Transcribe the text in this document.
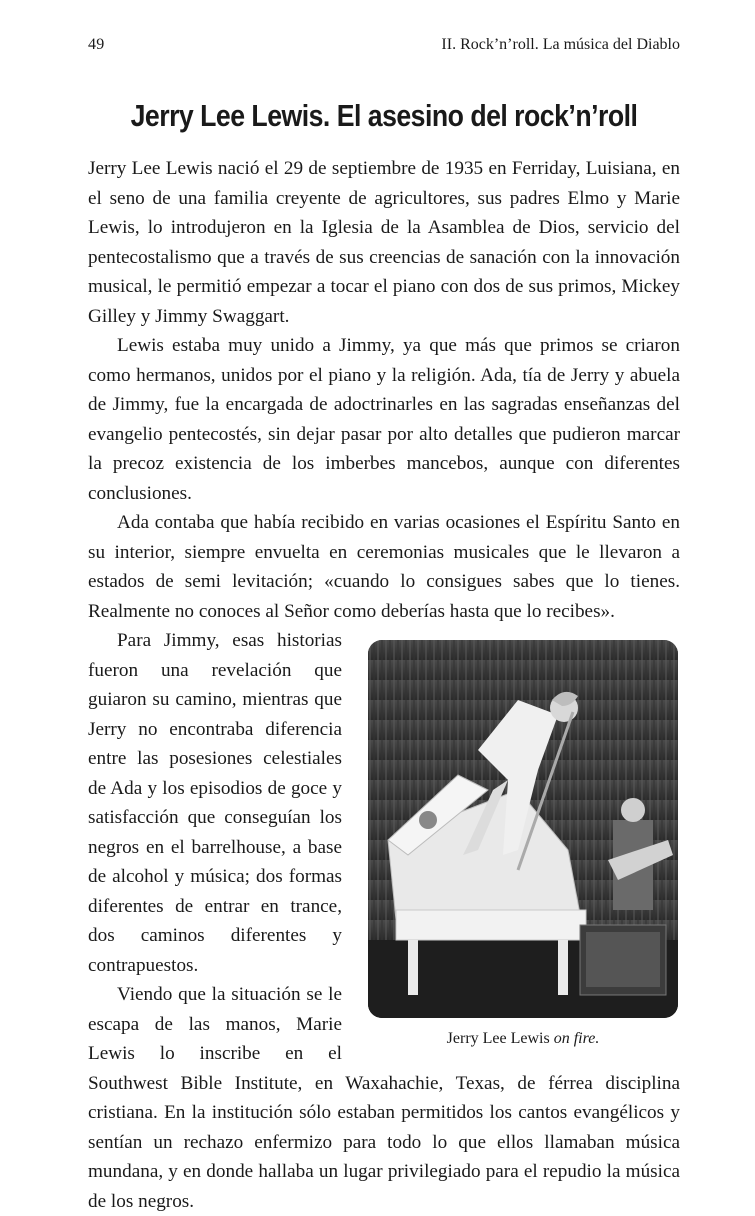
49	II. Rock’n’roll. La música del Diablo
Jerry Lee Lewis. El asesino del rock’n’roll

Jerry Lee Lewis nació el 29 de septiembre de 1935 en Ferriday, Luisiana, en el seno de una familia creyente de agricultores, sus padres Elmo y Marie Lewis, lo introdujeron en la Iglesia de la Asamblea de Dios, servicio del pentecostalismo que a través de sus creencias de sanación con la innovación musical, le permitió empezar a tocar el piano con dos de sus primos, Mickey Gilley y Jimmy Swaggart.

Lewis estaba muy unido a Jimmy, ya que más que primos se criaron como hermanos, unidos por el piano y la religión. Ada, tía de Jerry y abuela de Jimmy, fue la encargada de adoctrinarles en las sagradas enseñanzas del evangelio pentecostés, sin dejar pasar por alto detalles que pudieron marcar la precoz existencia de los imberbes mancebos, aunque con diferentes conclusiones.

Ada contaba que había recibido en varias ocasiones el Espíritu Santo en su interior, siempre envuelta en ceremonias musicales que le llevaron a estados de semi levitación; «cuando lo consigues sabes que lo tienes. Realmente no conoces al Señor como deberías hasta que lo recibes».

Jerry Lee Lewis on fire.

Para Jimmy, esas historias fueron una revelación que guiaron su camino, mientras que Jerry no encontraba diferencia entre las posesiones celestiales de Ada y los episodios de goce y satisfacción que conseguían los negros en el barrelhouse, a base de alcohol y música; dos formas diferentes de entrar en trance, dos caminos diferentes y contrapuestos.

Viendo que la situación se le escapa de las manos, Marie Lewis lo inscribe en el Southwest Bible Institute, en Waxahachie, Texas, de férrea disciplina cristiana. En la institución sólo estaban permitidos los cantos evangélicos y sentían un rechazo enfermizo para todo lo que ellos llamaban música mundana, y en donde hallaba un lugar privilegiado para el repudio la música de los negros.
